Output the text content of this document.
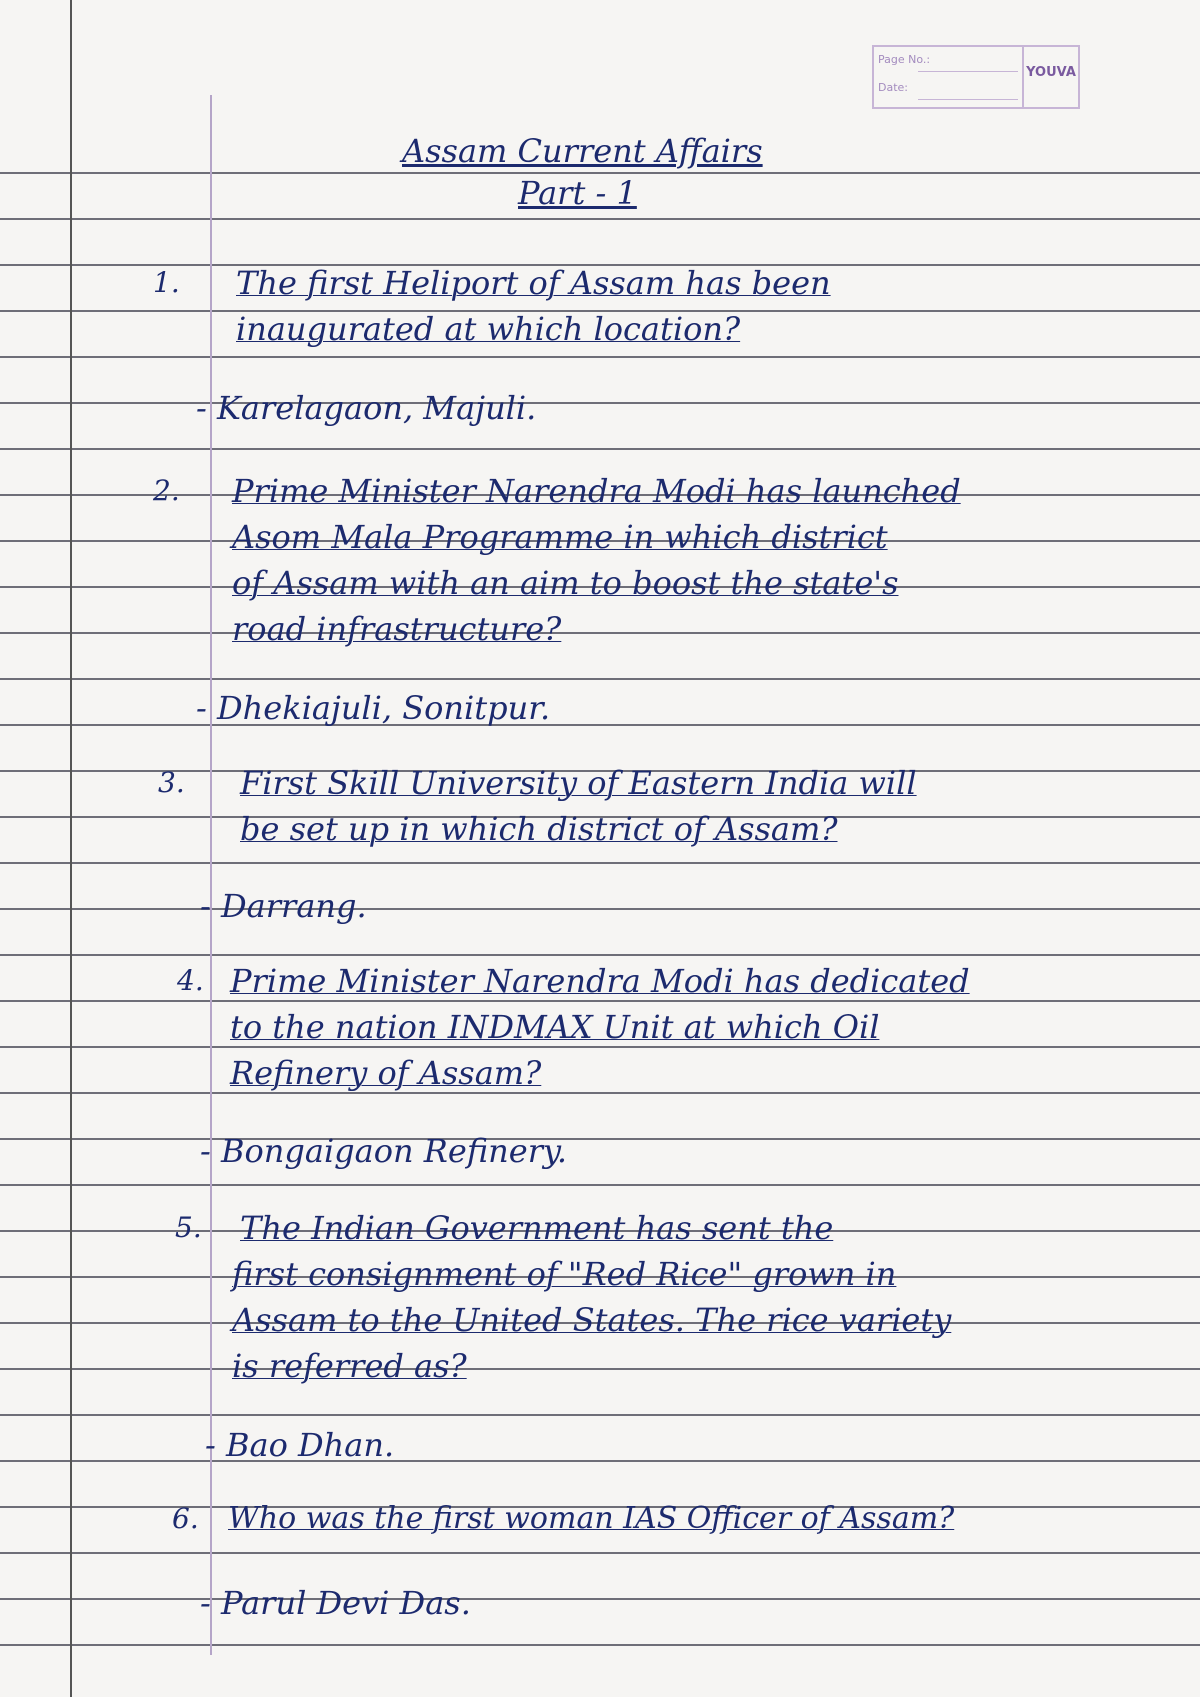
Page No.:
Date:
YOUVA
Assam Current Affairs
Part - 1
1. The first Heliport of Assam has been
inaugurated at which location?
- Karelagaon, Majuli.
2. Prime Minister Narendra Modi has launched
Asom Mala Programme in which district
of Assam with an aim to boost the state's
road infrastructure?
- Dhekiajuli, Sonitpur.
3. First Skill University of Eastern India will
be set up in which district of Assam?
- Darrang.
4. Prime Minister Narendra Modi has dedicated
to the nation INDMAX Unit at which Oil
Refinery of Assam?
- Bongaigaon Refinery.
5. The Indian Government has sent the
first consignment of "Red Rice" grown in
Assam to the United States. The rice variety
is referred as?
- Bao Dhan.
6. Who was the first woman IAS Officer of Assam?
- Parul Devi Das.
